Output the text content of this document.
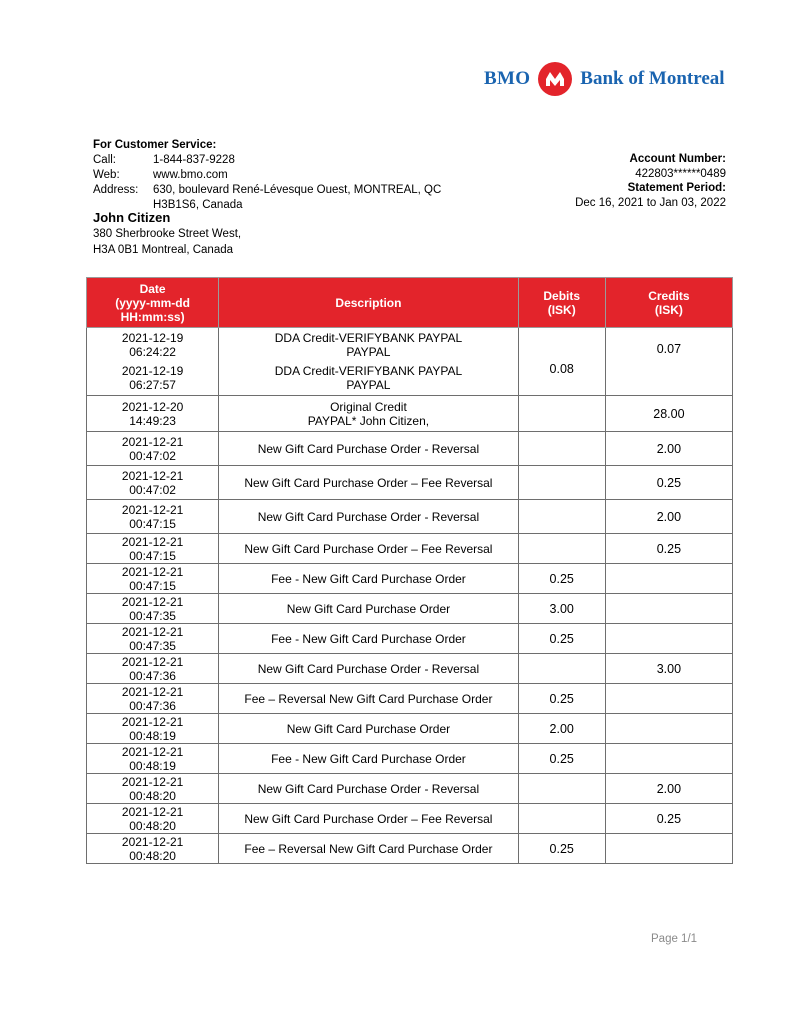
BMO	Bank of Montreal
For Customer Service:
Call:	1-844-837-9228
Web:	www.bmo.com
Address:	630, boulevard René-Lévesque Ouest, MONTREAL, QC
H3B1S6, Canada
John Citizen
380 Sherbrooke Street West,
H3A 0B1 Montreal, Canada
Account Number:
422803******0489
Statement Period:
Dec 16, 2021 to Jan 03, 2022
Date
(yyyy-mm-dd
HH:mm:ss)	Description	Debits
(ISK)	Credits
(ISK)

2021-12-19
06:24:22	DDA Credit-VERIFYBANK PAYPAL
PAYPAL		0.07

2021-12-19
06:27:57	DDA Credit-VERIFYBANK PAYPAL
PAYPAL	0.08	

2021-12-20
14:49:23	Original Credit
PAYPAL* John Citizen,		28.00

2021-12-21
00:47:02	New Gift Card Purchase Order - Reversal		2.00

2021-12-21
00:47:02	New Gift Card Purchase Order – Fee Reversal		0.25

2021-12-21
00:47:15	New Gift Card Purchase Order - Reversal		2.00

2021-12-21
00:47:15	New Gift Card Purchase Order – Fee Reversal		0.25

2021-12-21
00:47:15	Fee - New Gift Card Purchase Order	0.25	

2021-12-21
00:47:35	New Gift Card Purchase Order	3.00	

2021-12-21
00:47:35	Fee - New Gift Card Purchase Order	0.25	

2021-12-21
00:47:36	New Gift Card Purchase Order - Reversal		3.00

2021-12-21
00:47:36	Fee – Reversal New Gift Card Purchase Order	0.25	

2021-12-21
00:48:19	New Gift Card Purchase Order	2.00	

2021-12-21
00:48:19	Fee - New Gift Card Purchase Order	0.25	

2021-12-21
00:48:20	New Gift Card Purchase Order - Reversal		2.00

2021-12-21
00:48:20	New Gift Card Purchase Order – Fee Reversal		0.25

2021-12-21
00:48:20	Fee – Reversal New Gift Card Purchase Order	0.25	

Page 1/1
